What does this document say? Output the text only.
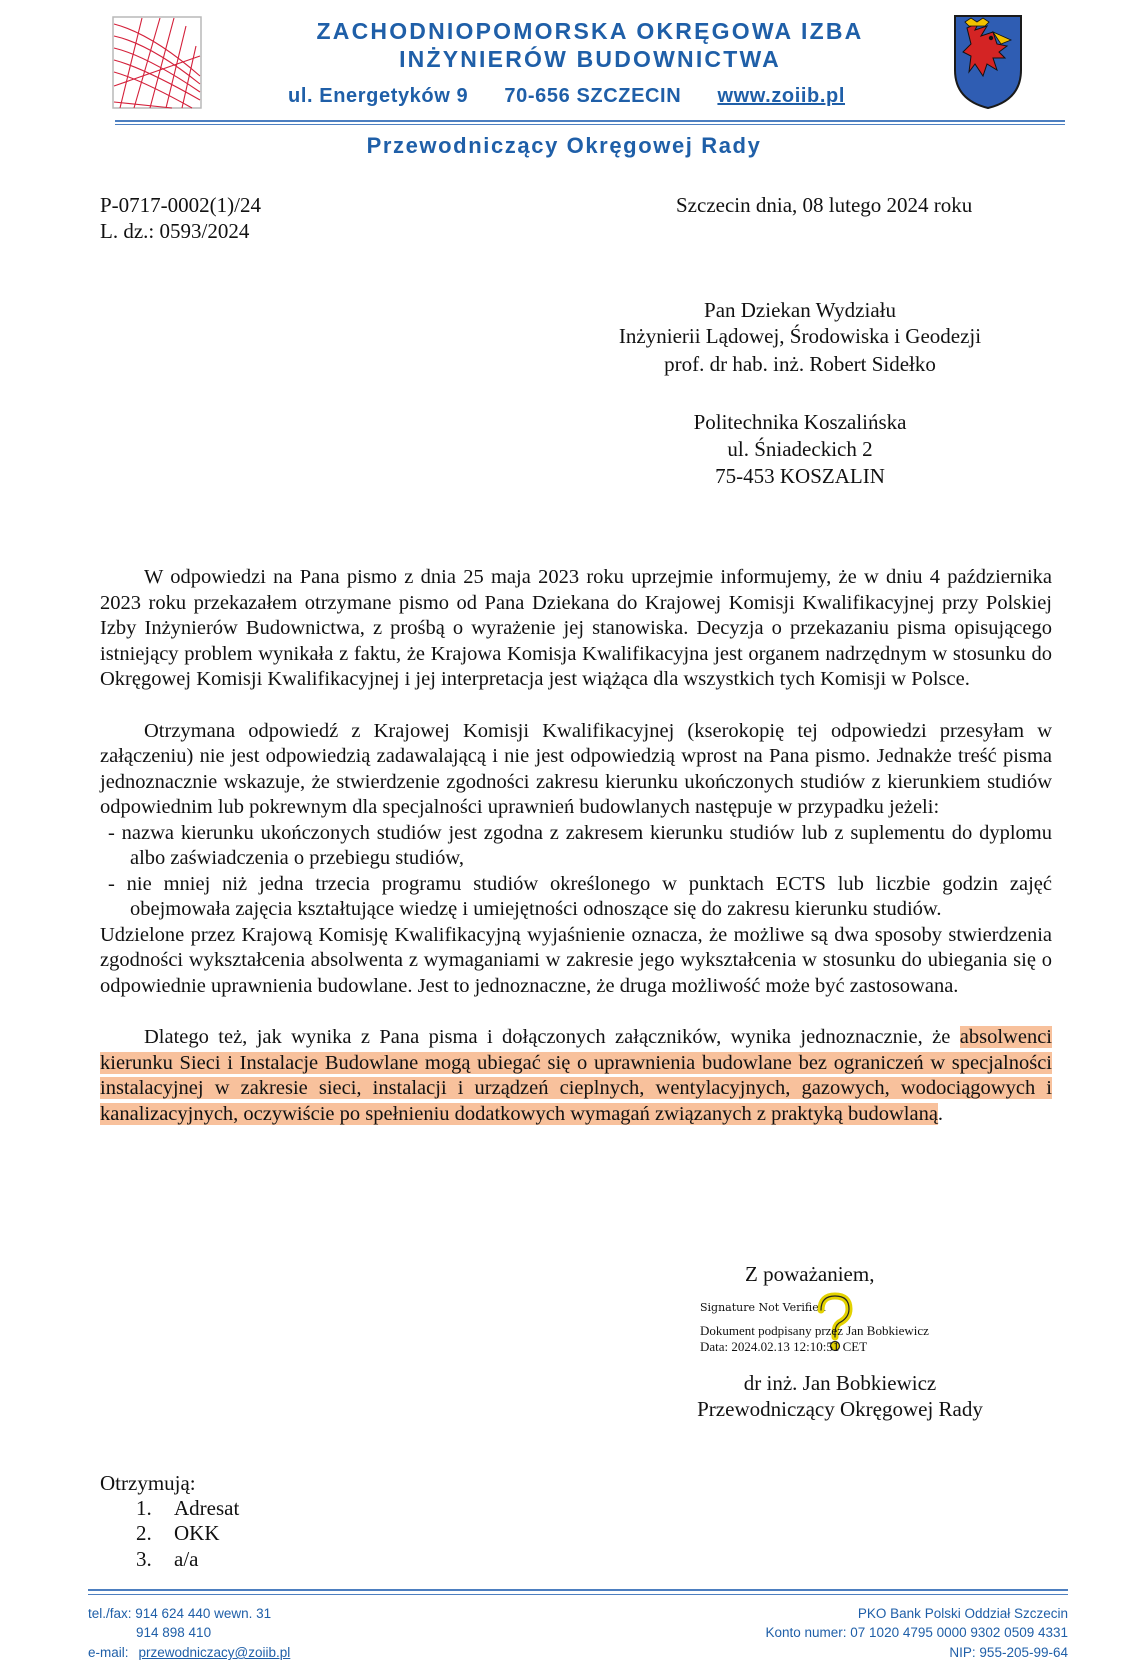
ZACHODNIOPOMORSKA OKRĘGOWA IZBA
INŻYNIERÓW BUDOWNICTWA
ul. Energetyków 9 70-656 SZCZECIN www.zoiib.pl
Przewodniczący Okręgowej Rady
P-0717-0002(1)/24
L. dz.: 0593/2024
Szczecin dnia, 08 lutego 2024 roku
Pan Dziekan Wydziału
Inżynierii Lądowej, Środowiska i Geodezji
prof. dr hab. inż. Robert Sidełko
Politechnika Koszalińska
ul. Śniadeckich 2
75-453 KOSZALIN

W odpowiedzi na Pana pismo z dnia 25 maja 2023 roku uprzejmie informujemy, że w dniu 4 października 2023 roku przekazałem otrzymane pismo od Pana Dziekana do Krajowej Komisji Kwalifikacyjnej przy Polskiej Izby Inżynierów Budownictwa, z prośbą o wyrażenie jej stanowiska. Decyzja o przekazaniu pisma opisującego istniejący problem wynikała z faktu, że Krajowa Komisja Kwalifikacyjna jest organem nadrzędnym w stosunku do Okręgowej Komisji Kwalifikacyjnej i jej interpretacja jest wiążąca dla wszystkich tych Komisji w Polsce.

Otrzymana odpowiedź z Krajowej Komisji Kwalifikacyjnej (kserokopię tej odpowiedzi przesyłam w załączeniu) nie jest odpowiedzią zadawalającą i nie jest odpowiedzią wprost na Pana pismo. Jednakże treść pisma jednoznacznie wskazuje, że stwierdzenie zgodności zakresu kierunku ukończonych studiów z kierunkiem studiów odpowiednim lub pokrewnym dla specjalności uprawnień budowlanych następuje w przypadku jeżeli:

- nazwa kierunku ukończonych studiów jest zgodna z zakresem kierunku studiów lub z suplementu do dyplomu albo zaświadczenia o przebiegu studiów,

- nie mniej niż jedna trzecia programu studiów określonego w punktach ECTS lub liczbie godzin zajęć obejmowała zajęcia kształtujące wiedzę i umiejętności odnoszące się do zakresu kierunku studiów.

Udzielone przez Krajową Komisję Kwalifikacyjną wyjaśnienie oznacza, że możliwe są dwa sposoby stwierdzenia zgodności wykształcenia absolwenta z wymaganiami w zakresie jego wykształcenia w stosunku do ubiegania się o odpowiednie uprawnienia budowlane. Jest to jednoznaczne, że druga możliwość może być zastosowana.

Dlatego też, jak wynika z Pana pisma i dołączonych załączników, wynika jednoznacznie, że absolwenci kierunku Sieci i Instalacje Budowlane mogą ubiegać się o uprawnienia budowlane bez ograniczeń w specjalności instalacyjnej w zakresie sieci, instalacji i urządzeń cieplnych, wentylacyjnych, gazowych, wodociągowych i kanalizacyjnych, oczywiście po spełnieniu dodatkowych wymagań związanych z praktyką budowlaną.

Z poważaniem,
Signature Not Verified
Dokument podpisany przez Jan Bobkiewicz
Data: 2024.02.13 12:10:51 CET
dr inż. Jan Bobkiewicz
Przewodniczący Okręgowej Rady
Otrzymują:
1. Adresat
2. OKK
3. a/a
tel./fax: 914 624 440 wewn. 31
914 898 410
e-mail: przewodniczacy@zoiib.pl
PKO Bank Polski Oddział Szczecin
Konto numer: 07 1020 4795 0000 9302 0509 4331
NIP: 955-205-99-64
